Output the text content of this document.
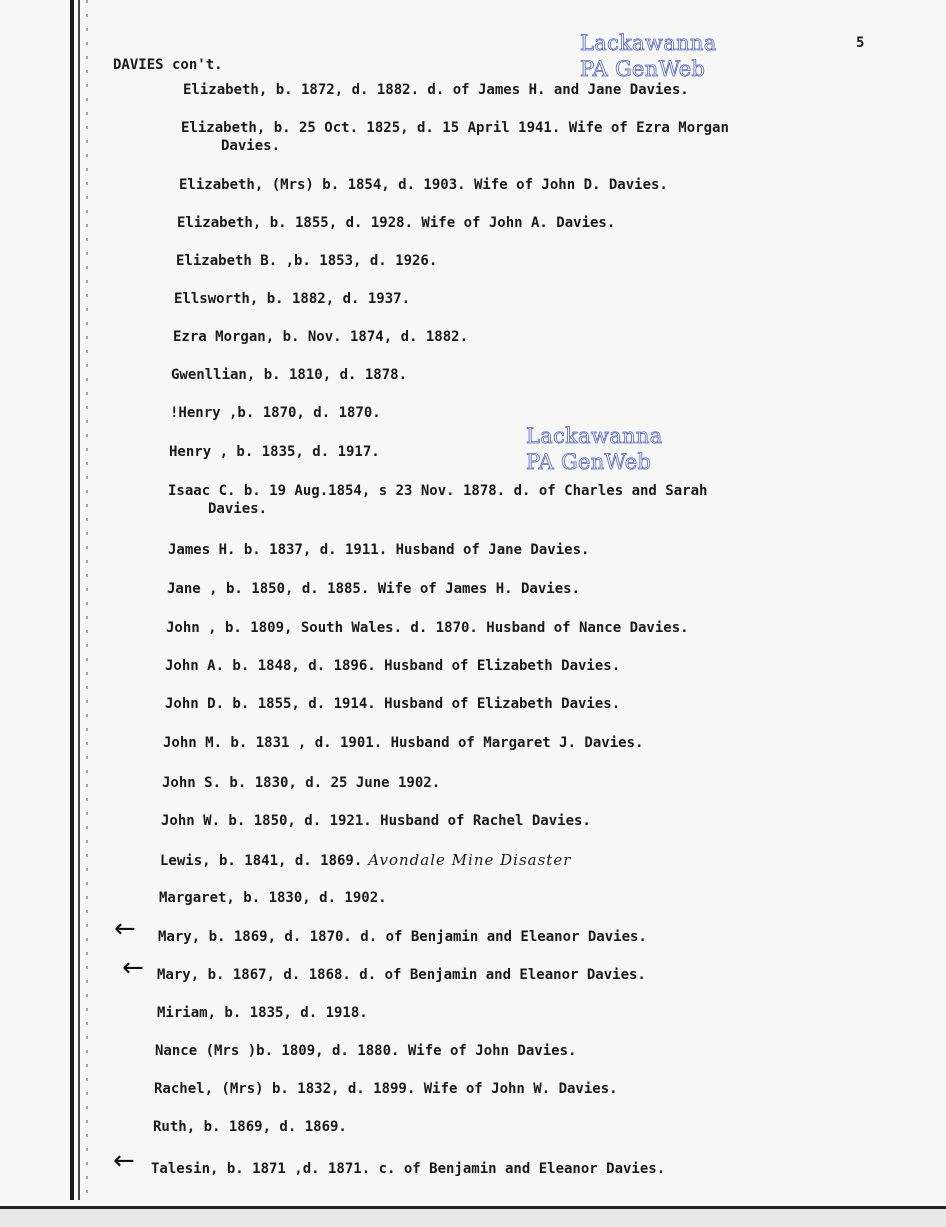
5
DAVIES con't.
Lackawanna
PA GenWeb
Lackawanna
PA GenWeb
Elizabeth, b. 1872, d. 1882. d. of James H. and Jane Davies.
Elizabeth, b. 25 Oct. 1825, d. 15 April 1941. Wife of Ezra Morgan
Davies.
Elizabeth, (Mrs) b. 1854, d. 1903. Wife of John D. Davies.
Elizabeth, b. 1855, d. 1928. Wife of John A. Davies.
Elizabeth B. ,b. 1853, d. 1926.
Ellsworth, b. 1882, d. 1937.
Ezra Morgan, b. Nov. 1874, d. 1882.
Gwenllian, b. 1810, d. 1878.
!Henry ,b. 1870, d. 1870.
Henry , b. 1835, d. 1917.
Isaac C. b. 19 Aug.1854, s 23 Nov. 1878. d. of Charles and Sarah
Davies.
James H. b. 1837, d. 1911. Husband of Jane Davies.
Jane , b. 1850, d. 1885. Wife of James H. Davies.
John , b. 1809, South Wales. d. 1870. Husband of Nance Davies.
John A. b. 1848, d. 1896. Husband of Elizabeth Davies.
John D. b. 1855, d. 1914. Husband of Elizabeth Davies.
John M. b. 1831 , d. 1901. Husband of Margaret J. Davies.
John S. b. 1830, d. 25 June 1902.
John W. b. 1850, d. 1921. Husband of Rachel Davies.
Lewis, b. 1841, d. 1869. Avondale Mine Disaster
Margaret, b. 1830, d. 1902.
Mary, b. 1869, d. 1870. d. of Benjamin and Eleanor Davies.
Mary, b. 1867, d. 1868. d. of Benjamin and Eleanor Davies.
Miriam, b. 1835, d. 1918.
Nance (Mrs )b. 1809, d. 1880. Wife of John Davies.
Rachel, (Mrs) b. 1832, d. 1899. Wife of John W. Davies.
Ruth, b. 1869, d. 1869.
Talesin, b. 1871 ,d. 1871. c. of Benjamin and Eleanor Davies.
←
←
←
